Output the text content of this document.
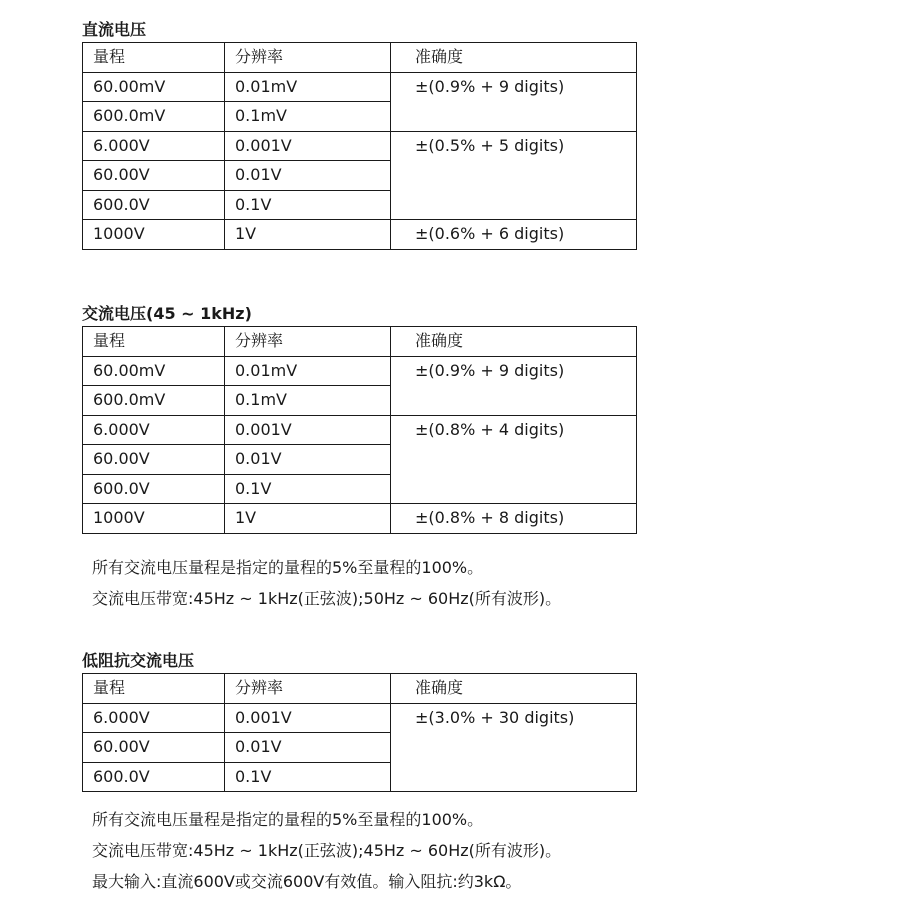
直流电压
量程	分辨率	准确度
60.00mV	0.01mV	±(0.9% + 9 digits)
600.0mV	0.1mV	
6.000V	0.001V	±(0.5% + 5 digits)
60.00V	0.01V	
600.0V	0.1V	
1000V	1V	±(0.6% + 6 digits)
交流电压(45 ~ 1kHz)
量程	分辨率	准确度
60.00mV	0.01mV	±(0.9% + 9 digits)
600.0mV	0.1mV	
6.000V	0.001V	±(0.8% + 4 digits)
60.00V	0.01V	
600.0V	0.1V	
1000V	1V	±(0.8% + 8 digits)
所有交流电压量程是指定的量程的5%至量程的100%。
交流电压带宽:45Hz ~ 1kHz(正弦波);50Hz ~ 60Hz(所有波形)。
低阻抗交流电压
量程	分辨率	准确度
6.000V	0.001V	±(3.0% + 30 digits)
60.00V	0.01V	
600.0V	0.1V	
所有交流电压量程是指定的量程的5%至量程的100%。
交流电压带宽:45Hz ~ 1kHz(正弦波);45Hz ~ 60Hz(所有波形)。
最大输入:直流600V或交流600V有效值。输入阻抗:约3kΩ。
